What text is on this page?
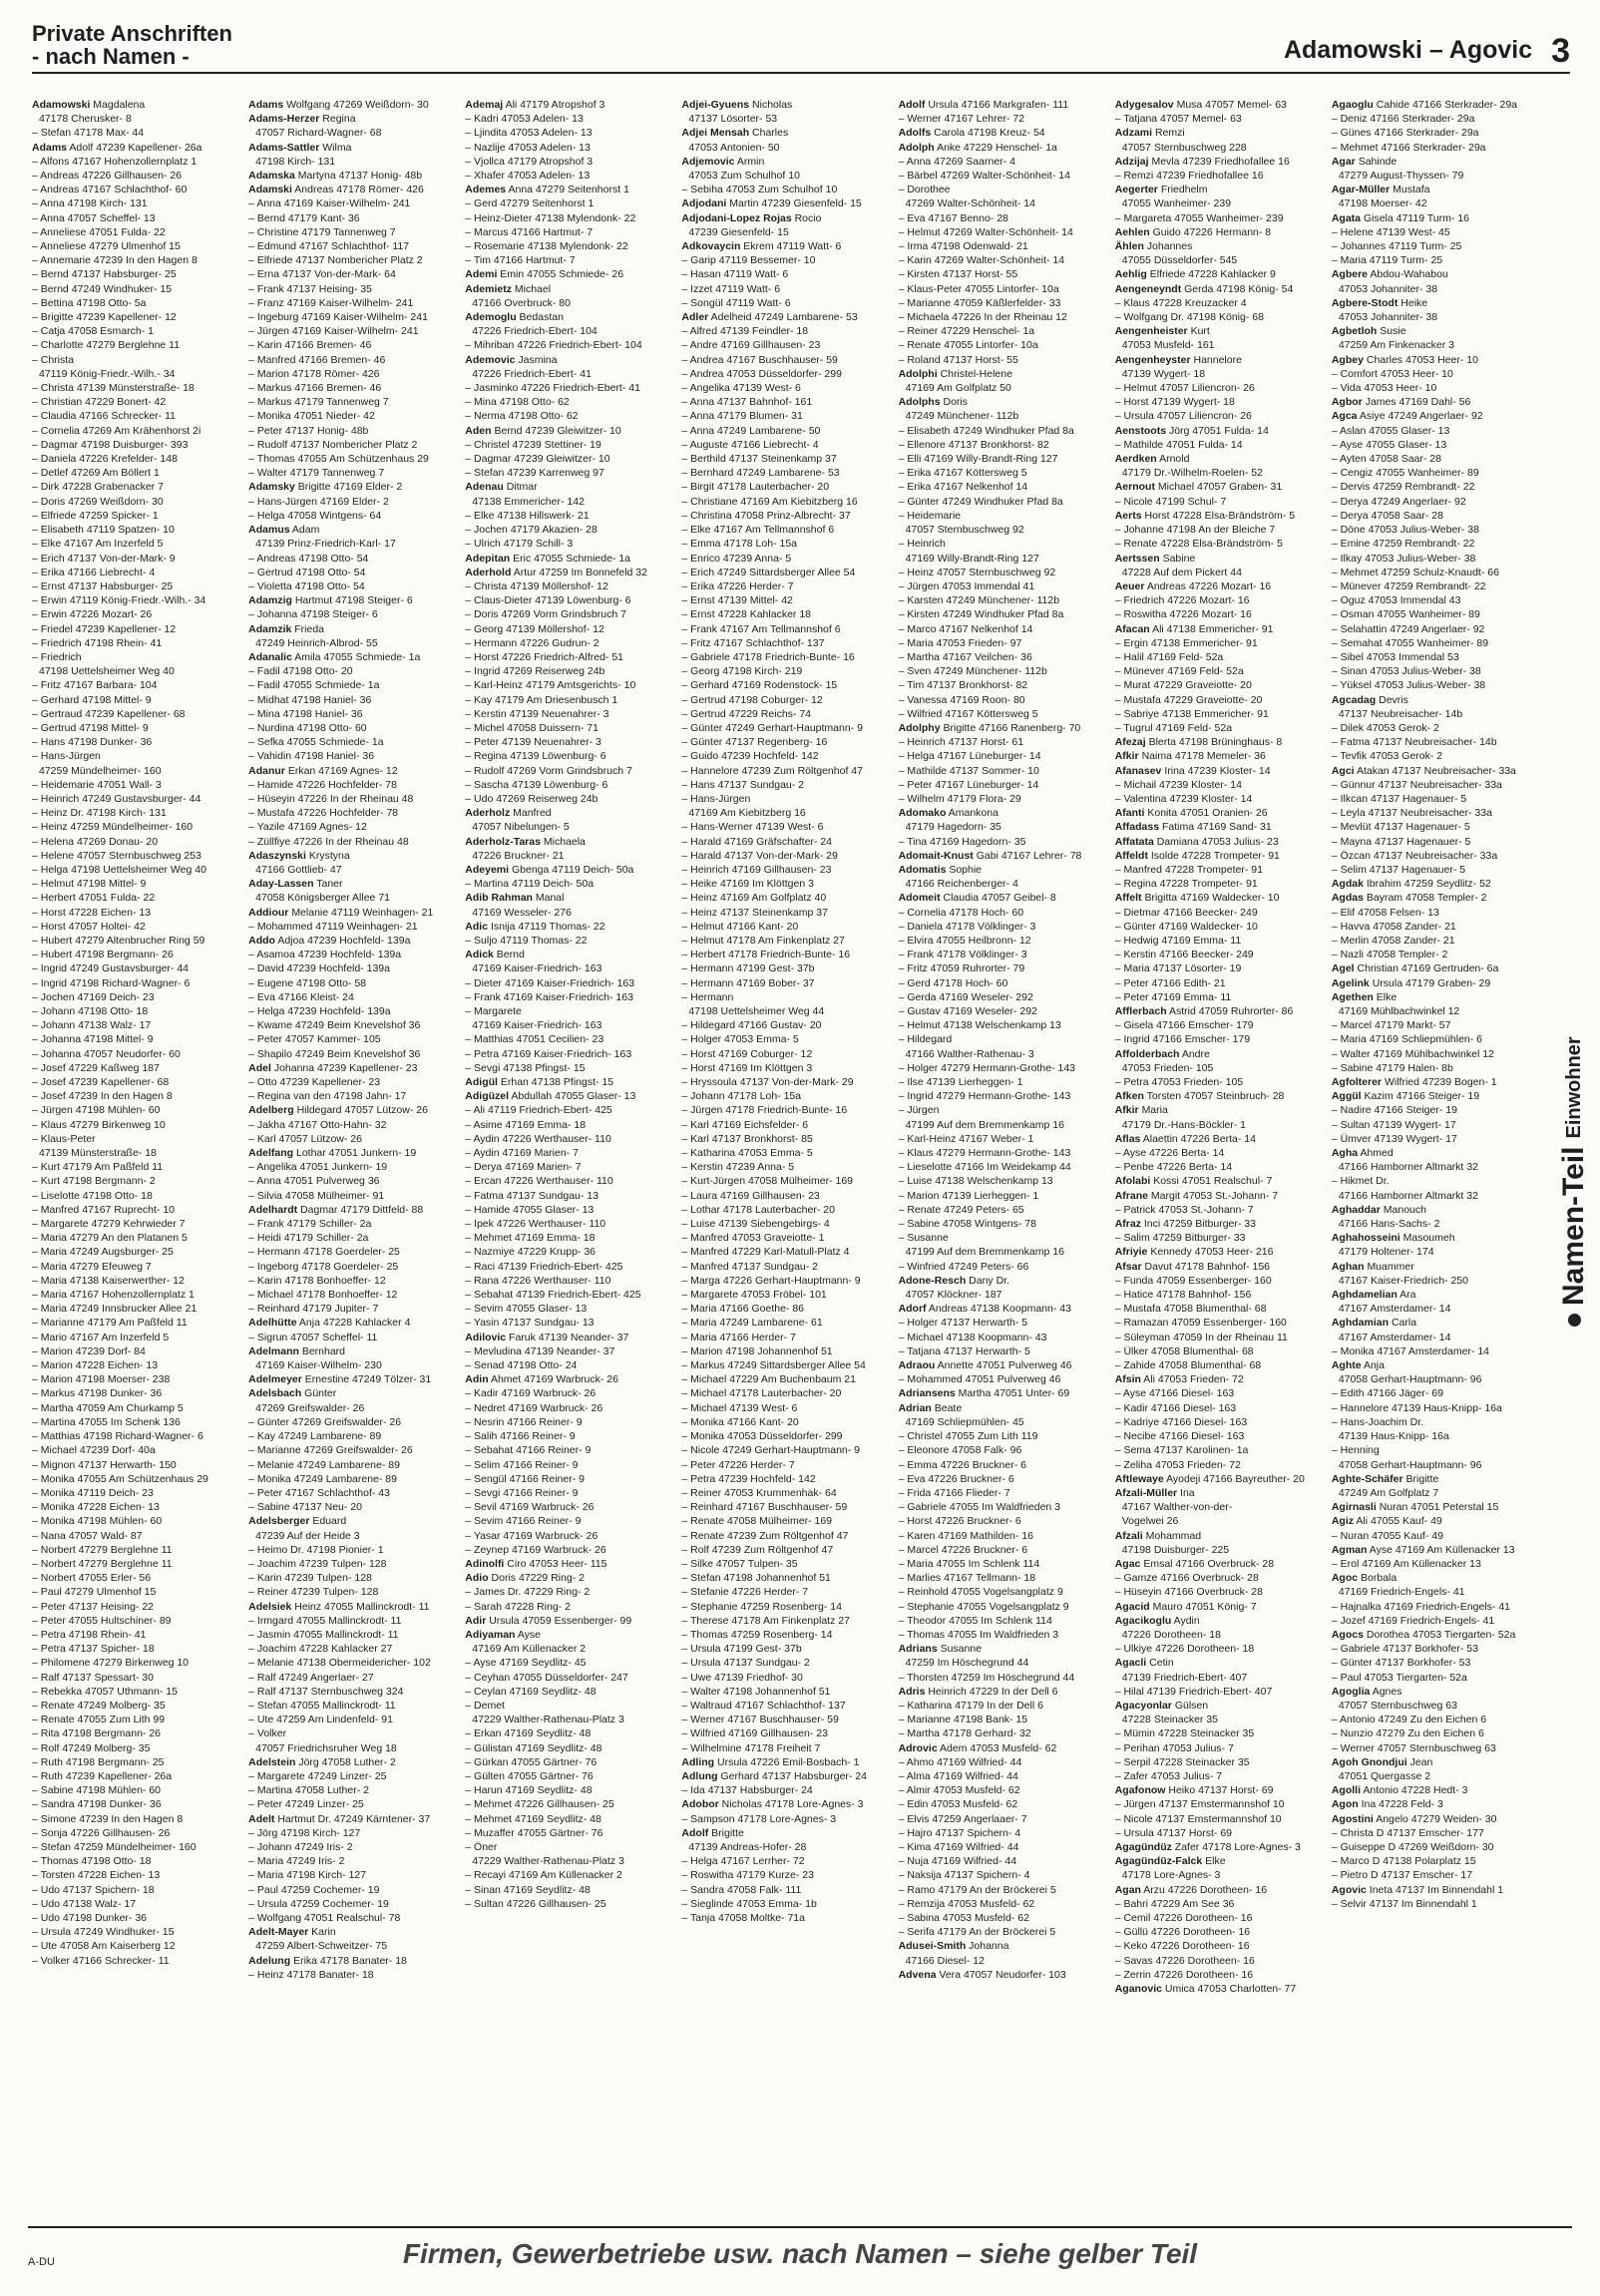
Private Anschriften
- nach Namen -	Adamowski – Agovic 3
Adamowski Magdalena
47178 Cherusker- 8
– Stefan 47178 Max- 44
Adams Adolf 47239 Kapellener- 26a
– Alfons 47167 Hohenzollernplatz 1
– Andreas 47226 Gillhausen- 26
– Andreas 47167 Schlachthof- 60
– Anna 47198 Kirch- 131
– Anna 47057 Scheffel- 13
– Anneliese 47051 Fulda- 22
– Anneliese 47279 Ulmenhof 15
– Annemarie 47239 In den Hagen 8
– Bernd 47137 Habsburger- 25
– Bernd 47249 Windhuker- 15
– Bettina 47198 Otto- 5a
– Brigitte 47239 Kapellener- 12
– Catja 47058 Esmarch- 1
– Charlotte 47279 Berglehne 11
– Christa
47119 König-Friedr.-Wilh.- 34
– Christa 47139 Münsterstraße- 18
– Christian 47229 Bonert- 42
– Claudia 47166 Schrecker- 11
– Cornelia 47269 Am Krähenhorst 2i
– Dagmar 47198 Duisburger- 393
– Daniela 47226 Krefelder- 148
– Detlef 47269 Am Böllert 1
– Dirk 47228 Grabenacker 7
– Doris 47269 Weißdorn- 30
– Elfriede 47259 Spicker- 1
– Elisabeth 47119 Spatzen- 10
– Elke 47167 Am Inzerfeld 5
– Erich 47137 Von-der-Mark- 9
– Erika 47166 Liebrecht- 4
– Ernst 47137 Habsburger- 25
– Erwin 47119 König-Friedr.-Wilh.- 34
– Erwin 47226 Mozart- 26
– Friedel 47239 Kapellener- 12
– Friedrich 47198 Rhein- 41
– Friedrich
47198 Uettelsheimer Weg 40
– Fritz 47167 Barbara- 104
– Gerhard 47198 Mittel- 9
– Gertraud 47239 Kapellener- 68
– Gertrud 47198 Mittel- 9
– Hans 47198 Dunker- 36
– Hans-Jürgen
47259 Mündelheimer- 160
– Heidemarie 47051 Wall- 3
– Heinrich 47249 Gustavsburger- 44
– Heinz Dr. 47198 Kirch- 131
– Heinz 47259 Mündelheimer- 160
– Helena 47269 Donau- 20
– Helene 47057 Sternbuschweg 253
– Helga 47198 Uettelsheimer Weg 40
– Helmut 47198 Mittel- 9
– Herbert 47051 Fulda- 22
– Horst 47228 Eichen- 13
– Horst 47057 Holtei- 42
– Hubert 47279 Altenbrucher Ring 59
– Hubert 47198 Bergmann- 26
– Ingrid 47249 Gustavsburger- 44
– Ingrid 47198 Richard-Wagner- 6
– Jochen 47169 Deich- 23
– Johann 47198 Otto- 18
– Johann 47138 Walz- 17
– Johanna 47198 Mittel- 9
– Johanna 47057 Neudorfer- 60
– Josef 47229 Kaßweg 187
– Josef 47239 Kapellener- 68
– Josef 47239 In den Hagen 8
– Jürgen 47198 Mühlen- 60
– Klaus 47279 Birkenweg 10
– Klaus-Peter
47139 Münsterstraße- 18
– Kurt 47179 Am Paßfeld 11
– Kurt 47198 Bergmann- 2
– Liselotte 47198 Otto- 18
– Manfred 47167 Ruprecht- 10
– Margarete 47279 Kehrwieder 7
– Maria 47279 An den Platanen 5
– Maria 47249 Augsburger- 25
– Maria 47279 Efeuweg 7
– Maria 47138 Kaiserwerther- 12
– Maria 47167 Hohenzollernplatz 1
– Maria 47249 Innsbrucker Allee 21
– Marianne 47179 Am Paßfeld 11
– Mario 47167 Am Inzerfeld 5
– Marion 47239 Dorf- 84
– Marion 47228 Eichen- 13
– Marion 47198 Moerser- 238
– Markus 47198 Dunker- 36
– Martha 47059 Am Churkamp 5
– Martina 47055 Im Schenk 136
– Matthias 47198 Richard-Wagner- 6
– Michael 47239 Dorf- 40a
– Mignon 47137 Herwarth- 150
– Monika 47055 Am Schützenhaus 29
– Monika 47119 Deich- 23
– Monika 47228 Eichen- 13
– Monika 47198 Mühlen- 60
– Nana 47057 Wald- 87
– Norbert 47279 Berglehne 11
– Norbert 47279 Berglehne 11
– Norbert 47055 Erler- 56
– Paul 47279 Ulmenhof 15
– Peter 47137 Heising- 22
– Peter 47055 Hultschiner- 89
– Petra 47198 Rhein- 41
– Petra 47137 Spicher- 18
– Philomene 47279 Birkenweg 10
– Ralf 47137 Spessart- 30
– Rebekka 47057 Uthmann- 15
– Renate 47249 Molberg- 35
– Renate 47055 Zum Lith 99
– Rita 47198 Bergmann- 26
– Rolf 47249 Molberg- 35
– Ruth 47198 Bergmann- 25
– Ruth 47239 Kapellener- 26a
– Sabine 47198 Mühlen- 60
– Sandra 47198 Dunker- 36
– Simone 47239 In den Hagen 8
– Sonja 47226 Gillhausen- 26
– Stefan 47259 Mündelheimer- 160
– Thomas 47198 Otto- 18
– Torsten 47228 Eichen- 13
– Udo 47137 Spichern- 18
– Udo 47138 Walz- 17
– Udo 47198 Dunker- 36
– Ursula 47249 Windhuker- 15
– Ute 47058 Am Kaiserberg 12
– Volker 47166 Schrecker- 11
Adams Wolfgang 47269 Weißdorn- 30
Adams-Herzer Regina
47057 Richard-Wagner- 68
Adams-Sattler Wilma
47198 Kirch- 131
Adamska Martyna 47137 Honig- 48b
Adamski Andreas 47178 Römer- 426
– Anna 47169 Kaiser-Wilhelm- 241
– Bernd 47179 Kant- 36
– Christine 47179 Tannenweg 7
– Edmund 47167 Schlachthof- 117
– Elfriede 47137 Nombericher Platz 2
– Erna 47137 Von-der-Mark- 64
– Frank 47137 Heising- 35
– Franz 47169 Kaiser-Wilhelm- 241
– Ingeburg 47169 Kaiser-Wilhelm- 241
– Jürgen 47169 Kaiser-Wilhelm- 241
– Karin 47166 Bremen- 46
– Manfred 47166 Bremen- 46
– Marion 47178 Römer- 426
– Markus 47166 Bremen- 46
– Markus 47179 Tannenweg 7
– Monika 47051 Nieder- 42
– Peter 47137 Honig- 48b
– Rudolf 47137 Nombericher Platz 2
– Thomas 47055 Am Schützenhaus 29
– Walter 47179 Tannenweg 7
Adamsky Brigitte 47169 Elder- 2
– Hans-Jürgen 47169 Elder- 2
– Helga 47058 Wintgens- 64
Adamus Adam
47139 Prinz-Friedrich-Karl- 17
– Andreas 47198 Otto- 54
– Gertrud 47198 Otto- 54
– Violetta 47198 Otto- 54
Adamzig Hartmut 47198 Steiger- 6
– Johanna 47198 Steiger- 6
Adamzik Frieda
47249 Heinrich-Albrod- 55
Adanalic Amila 47055 Schmiede- 1a
– Fadil 47198 Otto- 20
– Fadil 47055 Schmiede- 1a
– Midhat 47198 Haniel- 36
– Mina 47198 Haniel- 36
– Nurdina 47198 Otto- 60
– Sefka 47055 Schmiede- 1a
– Vahidin 47198 Haniel- 36
Adanur Erkan 47169 Agnes- 12
– Hamide 47226 Hochfelder- 78
– Hüseyin 47226 In der Rheinau 48
– Mustafa 47226 Hochfelder- 78
– Yazile 47169 Agnes- 12
– Züllfiye 47226 In der Rheinau 48
Adaszynski Krystyna
47166 Gottlieb- 47
Aday-Lassen Taner
47058 Königsberger Allee 71
Addiour Melanie 47119 Weinhagen- 21
– Mohammed 47119 Weinhagen- 21
Addo Adjoa 47239 Hochfeld- 139a
– Asamoa 47239 Hochfeld- 139a
– David 47239 Hochfeld- 139a
– Eugene 47198 Otto- 58
– Eva 47166 Kleist- 24
– Helga 47239 Hochfeld- 139a
– Kwame 47249 Beim Knevelshof 36
– Peter 47057 Kammer- 105
– Shapilo 47249 Beim Knevelshof 36
Adel Johanna 47239 Kapellener- 23
– Otto 47239 Kapellener- 23
– Regina van den 47198 Jahn- 17
Adelberg Hildegard 47057 Lützow- 26
– Jakha 47167 Otto-Hahn- 32
– Karl 47057 Lützow- 26
Adelfang Lothar 47051 Junkern- 19
– Angelika 47051 Junkern- 19
– Anna 47051 Pulverweg 36
– Silvia 47058 Mülheimer- 91
Adelhardt Dagmar 47179 Dittfeld- 88
– Frank 47179 Schiller- 2a
– Heidi 47179 Schiller- 2a
– Hermann 47178 Goerdeler- 25
– Ingeborg 47178 Goerdeler- 25
– Karin 47178 Bonhoeffer- 12
– Michael 47178 Bonhoeffer- 12
– Reinhard 47179 Jupiter- 7
Adelhütte Anja 47228 Kahlacker 4
– Sigrun 47057 Scheffel- 11
Adelmann Bernhard
47169 Kaiser-Wilhelm- 230
Adelmeyer Ernestine 47249 Tölzer- 31
Adelsbach Günter
47269 Greifswalder- 26
– Günter 47269 Greifswalder- 26
– Kay 47249 Lambarene- 89
– Marianne 47269 Greifswalder- 26
– Melanie 47249 Lambarene- 89
– Monika 47249 Lambarene- 89
– Peter 47167 Schlachthof- 43
– Sabine 47137 Neu- 20
Adelsberger Eduard
47239 Auf der Heide 3
– Heimo Dr. 47198 Pionier- 1
– Joachim 47239 Tulpen- 128
– Karin 47239 Tulpen- 128
– Reiner 47239 Tulpen- 128
Adelsiek Heinz 47055 Mallinckrodt- 11
– Irmgard 47055 Mallinckrodt- 11
– Jasmin 47055 Mallinckrodt- 11
– Joachim 47228 Kahlacker 27
– Melanie 47138 Obermeidericher- 102
– Ralf 47249 Angerlaer- 27
– Ralf 47137 Sternbuschweg 324
– Stefan 47055 Mallinckrodt- 11
– Ute 47259 Am Lindenfeld- 91
– Volker
47057 Friedrichsruher Weg 18
Adelstein Jörg 47058 Luther- 2
– Margarete 47249 Linzer- 25
– Martina 47058 Luther- 2
– Peter 47249 Linzer- 25
Adelt Hartmut Dr. 47249 Kärntener- 37
– Jörg 47198 Kirch- 127
– Johann 47249 Iris- 2
– Maria 47249 Iris- 2
– Maria 47198 Kirch- 127
– Paul 47259 Cochemer- 19
– Ursula 47259 Cochemer- 19
– Wolfgang 47051 Realschul- 78
Adelt-Mayer Karin
47259 Albert-Schweitzer- 75
Adelung Erika 47178 Banater- 18
– Heinz 47178 Banater- 18
Ademaj Ali 47179 Atropshof 3
– Kadri 47053 Adelen- 13
– Ljindita 47053 Adelen- 13
– Nazlije 47053 Adelen- 13
– Vjollca 47179 Atropshof 3
– Xhafer 47053 Adelen- 13
Ademes Anna 47279 Seitenhorst 1
– Gerd 47279 Seitenhorst 1
– Heinz-Dieter 47138 Mylendonk- 22
– Marcus 47166 Hartmut- 7
– Rosemarie 47138 Mylendonk- 22
– Tim 47166 Hartmut- 7
Ademi Emin 47055 Schmiede- 26
Ademietz Michael
47166 Overbruck- 80
Ademoglu Bedastan
47226 Friedrich-Ebert- 104
– Mihriban 47226 Friedrich-Ebert- 104
Ademovic Jasmina
47226 Friedrich-Ebert- 41
– Jasminko 47226 Friedrich-Ebert- 41
– Mina 47198 Otto- 62
– Nerma 47198 Otto- 62
Aden Bernd 47239 Gleiwitzer- 10
– Christel 47239 Stettiner- 19
– Dagmar 47239 Gleiwitzer- 10
– Stefan 47239 Karrenweg 97
Adenau Ditmar
47138 Emmericher- 142
– Elke 47138 Hillswerk- 21
– Jochen 47179 Akazien- 28
– Ulrich 47179 Schill- 3
Adepitan Eric 47055 Schmiede- 1a
Aderhold Artur 47259 Im Bonnefeld 32
– Christa 47139 Möllershof- 12
– Claus-Dieter 47139 Löwenburg- 6
– Doris 47269 Vorm Grindsbruch 7
– Georg 47139 Möllershof- 12
– Hermann 47226 Gudrun- 2
– Horst 47226 Friedrich-Alfred- 51
– Ingrid 47269 Reiserweg 24b
– Karl-Heinz 47179 Amtsgerichts- 10
– Kay 47179 Am Driesenbusch 1
– Kerstin 47139 Neuenahrer- 3
– Michel 47058 Duissern- 71
– Peter 47139 Neuenahrer- 3
– Regina 47139 Löwenburg- 6
– Rudolf 47269 Vorm Grindsbruch 7
– Sascha 47139 Löwenburg- 6
– Udo 47269 Reiserweg 24b
Aderholz Manfred
47057 Nibelungen- 5
Aderholz-Taras Michaela
47226 Bruckner- 21
Adeyemi Gbenga 47119 Deich- 50a
– Martina 47119 Deich- 50a
Adib Rahman Manal
47169 Wesseler- 276
Adic Isnija 47119 Thomas- 22
– Suljo 47119 Thomas- 22
Adick Bernd
47169 Kaiser-Friedrich- 163
– Dieter 47169 Kaiser-Friedrich- 163
– Frank 47169 Kaiser-Friedrich- 163
– Margarete
47169 Kaiser-Friedrich- 163
– Matthias 47051 Cecilien- 23
– Petra 47169 Kaiser-Friedrich- 163
– Sevgi 47138 Pfingst- 15
Adigül Erhan 47138 Pfingst- 15
Adigüzel Abdullah 47055 Glaser- 13
– Ali 47119 Friedrich-Ebert- 425
– Asime 47169 Emma- 18
– Aydin 47226 Werthauser- 110
– Aydin 47169 Marien- 7
– Derya 47169 Marien- 7
– Ercan 47226 Werthauser- 110
– Fatma 47137 Sundgau- 13
– Hamide 47055 Glaser- 13
– Ipek 47226 Werthauser- 110
– Mehmet 47169 Emma- 18
– Nazmiye 47229 Krupp- 36
– Raci 47139 Friedrich-Ebert- 425
– Rana 47226 Werthauser- 110
– Sebahat 47139 Friedrich-Ebert- 425
– Sevim 47055 Glaser- 13
– Yasin 47137 Sundgau- 13
Adilovic Faruk 47139 Neander- 37
– Mevludina 47139 Neander- 37
– Senad 47198 Otto- 24
Adin Ahmet 47169 Warbruck- 26
– Kadir 47169 Warbruck- 26
– Nedret 47169 Warbruck- 26
– Nesrin 47166 Reiner- 9
– Salih 47166 Reiner- 9
– Sebahat 47166 Reiner- 9
– Selim 47166 Reiner- 9
– Sengül 47166 Reiner- 9
– Sevgi 47166 Reiner- 9
– Sevil 47169 Warbruck- 26
– Sevim 47166 Reiner- 9
– Yasar 47169 Warbruck- 26
– Zeynep 47169 Warbruck- 26
Adinolfi Ciro 47053 Heer- 115
Adio Doris 47229 Ring- 2
– James Dr. 47229 Ring- 2
– Sarah 47228 Ring- 2
Adir Ursula 47059 Essenberger- 99
Adiyaman Ayse
47169 Am Küllenacker 2
– Ayse 47169 Seydlitz- 45
– Ceyhan 47055 Düsseldorfer- 247
– Ceylan 47169 Seydlitz- 48
– Demet
47229 Walther-Rathenau-Platz 3
– Erkan 47169 Seydlitz- 48
– Gülistan 47169 Seydlitz- 48
– Gürkan 47055 Gärtner- 76
– Gülten 47055 Gärtner- 76
– Harun 47169 Seydlitz- 48
– Mehmet 47226 Gillhausen- 25
– Mehmet 47169 Seydlitz- 48
– Muzaffer 47055 Gärtner- 76
– Öner
47229 Walther-Rathenau-Platz 3
– Recayi 47169 Am Küllenacker 2
– Sinan 47169 Seydlitz- 48
– Sultan 47226 Gillhausen- 25
Adjei-Gyuens Nicholas
47137 Lösorter- 53
Adjei Mensah Charles
47053 Antonien- 50
Adjemovic Armin
47053 Zum Schulhof 10
– Sebiha 47053 Zum Schulhof 10
Adjodani Martin 47239 Giesenfeld- 15
Adjodani-Lopez Rojas Rocio
47239 Giesenfeld- 15
Adkovaycin Ekrem 47119 Watt- 6
– Garip 47119 Bessemer- 10
– Hasan 47119 Watt- 6
– Izzet 47119 Watt- 6
– Songül 47119 Watt- 6
Adler Adelheid 47249 Lambarene- 53
– Alfred 47139 Feindler- 18
– Andre 47169 Gillhausen- 23
– Andrea 47167 Buschhauser- 59
– Andrea 47053 Düsseldorfer- 299
– Angelika 47139 West- 6
– Anna 47137 Bahnhof- 161
– Anna 47179 Blumen- 31
– Anna 47249 Lambarene- 50
– Auguste 47166 Liebrecht- 4
– Berthild 47137 Steinenkamp 37
– Bernhard 47249 Lambarene- 53
– Birgit 47178 Lauterbacher- 20
– Christiane 47169 Am Kiebitzberg 16
– Christina 47058 Prinz-Albrecht- 37
– Elke 47167 Am Tellmannshof 6
– Emma 47178 Loh- 15a
– Enrico 47239 Anna- 5
– Erich 47249 Sittardsberger Allee 54
– Erika 47226 Herder- 7
– Ernst 47139 Mittel- 42
– Ernst 47228 Kahlacker 18
– Frank 47167 Am Tellmannshof 6
– Fritz 47167 Schlachthof- 137
– Gabriele 47178 Friedrich-Bunte- 16
– Georg 47198 Kirch- 219
– Gerhard 47169 Rodenstock- 15
– Gertrud 47198 Coburger- 12
– Gertrud 47229 Reichs- 74
– Günter 47249 Gerhart-Hauptmann- 9
– Günter 47137 Regenberg- 16
– Guido 47239 Hochfeld- 142
– Hannelore 47239 Zum Röltgenhof 47
– Hans 47137 Sundgau- 2
– Hans-Jürgen
47169 Am Kiebitzberg 16
– Hans-Werner 47139 West- 6
– Harald 47169 Gräfschafter- 24
– Harald 47137 Von-der-Mark- 29
– Heinrich 47169 Gillhausen- 23
– Heike 47169 Im Klöttgen 3
– Heinz 47169 Am Golfplatz 40
– Heinz 47137 Steinenkamp 37
– Helmut 47166 Kant- 20
– Helmut 47178 Am Finkenplatz 27
– Herbert 47178 Friedrich-Bunte- 16
– Hermann 47199 Gest- 37b
– Hermann 47169 Bober- 37
– Hermann
47198 Uettelsheimer Weg 44
– Hildegard 47166 Gustav- 20
– Holger 47053 Emma- 5
– Horst 47169 Coburger- 12
– Horst 47169 Im Klöttgen 3
– Hryssoula 47137 Von-der-Mark- 29
– Johann 47178 Loh- 15a
– Jürgen 47178 Friedrich-Bunte- 16
– Karl 47169 Eichsfelder- 6
– Karl 47137 Bronkhorst- 85
– Katharina 47053 Emma- 5
– Kerstin 47239 Anna- 5
– Kurt-Jürgen 47058 Mülheimer- 169
– Laura 47169 Gillhausen- 23
– Lothar 47178 Lauterbacher- 20
– Luise 47139 Siebengebirgs- 4
– Manfred 47053 Graveiotte- 1
– Manfred 47229 Karl-Matull-Platz 4
– Manfred 47137 Sundgau- 2
– Marga 47226 Gerhart-Hauptmann- 9
– Margarete 47053 Fröbel- 101
– Maria 47166 Goethe- 86
– Maria 47249 Lambarene- 61
– Maria 47166 Herder- 7
– Marion 47198 Johannenhof 51
– Markus 47249 Sittardsberger Allee 54
– Michael 47229 Am Buchenbaum 21
– Michael 47178 Lauterbacher- 20
– Michael 47139 West- 6
– Monika 47166 Kant- 20
– Monika 47053 Düsseldorfer- 299
– Nicole 47249 Gerhart-Hauptmann- 9
– Peter 47226 Herder- 7
– Petra 47239 Hochfeld- 142
– Reiner 47053 Krummenhak- 64
– Reinhard 47167 Buschhauser- 59
– Renate 47058 Mülheimer- 169
– Renate 47239 Zum Röltgenhof 47
– Rolf 47239 Zum Röltgenhof 47
– Silke 47057 Tulpen- 35
– Stefan 47198 Johannenhof 51
– Stefanie 47226 Herder- 7
– Stephanie 47259 Rosenberg- 14
– Therese 47178 Am Finkenplatz 27
– Thomas 47259 Rosenberg- 14
– Ursula 47199 Gest- 37b
– Ursula 47137 Sundgau- 2
– Uwe 47139 Friedhof- 30
– Walter 47198 Johannenhof 51
– Waltraud 47167 Schlachthof- 137
– Werner 47167 Buschhauser- 59
– Wilfried 47169 Gillhausen- 23
– Wilhelmine 47178 Freiheit 7
Adling Ursula 47226 Emil-Bosbach- 1
Adlung Gerhard 47137 Habsburger- 24
– Ida 47137 Habsburger- 24
Adobor Nicholas 47178 Lore-Agnes- 3
– Sampson 47178 Lore-Agnes- 3
Adolf Brigitte
47139 Andreas-Hofer- 28
– Helga 47167 Lerrher- 72
– Roswitha 47179 Kurze- 23
– Sandra 47058 Falk- 111
– Sieglinde 47053 Emma- 1b
– Tanja 47058 Moltke- 71a
Adolf Ursula 47166 Markgrafen- 111
– Werner 47167 Lehrer- 72
Adolfs Carola 47198 Kreuz- 54
Adolph Anke 47229 Henschel- 1a
– Anna 47269 Saarner- 4
– Bärbel 47269 Walter-Schönheit- 14
– Dorothee
47269 Walter-Schönheit- 14
– Eva 47167 Benno- 28
– Helmut 47269 Walter-Schönheit- 14
– Irma 47198 Odenwald- 21
– Karin 47269 Walter-Schönheit- 14
– Kirsten 47137 Horst- 55
– Klaus-Peter 47055 Lintorfer- 10a
– Marianne 47059 Käßlerfelder- 33
– Michaela 47226 In der Rheinau 12
– Reiner 47229 Henschel- 1a
– Renate 47055 Lintorfer- 10a
– Roland 47137 Horst- 55
Adolphi Christel-Helene
47169 Am Golfplatz 50
Adolphs Doris
47249 Münchener- 112b
– Elisabeth 47249 Windhuker Pfad 8a
– Ellenore 47137 Bronkhorst- 82
– Elli 47169 Willy-Brandt-Ring 127
– Erika 47167 Köttersweg 5
– Erika 47167 Nelkenhof 14
– Günter 47249 Windhuker Pfad 8a
– Heidemarie
47057 Sternbuschweg 92
– Heinrich
47169 Willy-Brandt-Ring 127
– Heinz 47057 Sternbuschweg 92
– Jürgen 47053 Immendal 41
– Karsten 47249 Münchener- 112b
– Kirsten 47249 Windhuker Pfad 8a
– Marco 47167 Nelkenhof 14
– Maria 47053 Frieden- 97
– Martha 47167 Veilchen- 36
– Sven 47249 Münchener- 112b
– Tim 47137 Bronkhorst- 82
– Vanessa 47169 Roon- 80
– Wilfried 47167 Köttersweg 5
Adolphy Brigitte 47166 Ranenberg- 70
– Heinrich 47137 Horst- 61
– Helga 47167 Lüneburger- 14
– Mathilde 47137 Sommer- 10
– Peter 47167 Lüneburger- 14
– Wilhelm 47179 Flora- 29
Adomako Amankona
47179 Hagedorn- 35
– Tina 47169 Hagedorn- 35
Adomait-Knust Gabi 47167 Lehrer- 78
Adomatis Sophie
47166 Reichenberger- 4
Adomeit Claudia 47057 Geibel- 8
– Cornelia 47178 Hoch- 60
– Daniela 47178 Völklinger- 3
– Elvira 47055 Heilbronn- 12
– Frank 47178 Völklinger- 3
– Fritz 47059 Ruhrorter- 79
– Gerd 47178 Hoch- 60
– Gerda 47169 Weseler- 292
– Gustav 47169 Weseler- 292
– Helmut 47138 Welschenkamp 13
– Hildegard
47166 Walther-Rathenau- 3
– Holger 47279 Hermann-Grothe- 143
– Ilse 47139 Lierheggen- 1
– Ingrid 47279 Hermann-Grothe- 143
– Jürgen
47199 Auf dem Bremmenkamp 16
– Karl-Heinz 47167 Weber- 1
– Klaus 47279 Hermann-Grothe- 143
– Lieselotte 47166 Im Weidekamp 44
– Luise 47138 Welschenkamp 13
– Marion 47139 Lierheggen- 1
– Renate 47249 Peters- 65
– Sabine 47058 Wintgens- 78
– Susanne
47199 Auf dem Bremmenkamp 16
– Winfried 47249 Peters- 66
Adone-Resch Dany Dr.
47057 Klöckner- 187
Adorf Andreas 47138 Koopmann- 43
– Holger 47137 Herwarth- 5
– Michael 47138 Koopmann- 43
– Tatjana 47137 Herwarth- 5
Adraou Annette 47051 Pulverweg 46
– Mohammed 47051 Pulverweg 46
Adriansens Martha 47051 Unter- 69
Adrian Beate
47169 Schliepmühlen- 45
– Christel 47055 Zum Lith 119
– Eleonore 47058 Falk- 96
– Emma 47226 Bruckner- 6
– Eva 47226 Bruckner- 6
– Frida 47166 Flieder- 7
– Gabriele 47055 Im Waldfrieden 3
– Horst 47226 Bruckner- 6
– Karen 47169 Mathilden- 16
– Marcel 47226 Bruckner- 6
– Maria 47055 Im Schlenk 114
– Marlies 47167 Tellmann- 18
– Reinhold 47055 Vogelsangplatz 9
– Stephanie 47055 Vogelsangplatz 9
– Theodor 47055 Im Schlenk 114
– Thomas 47055 Im Waldfrieden 3
Adrians Susanne
47259 Im Höschegrund 44
– Thorsten 47259 Im Höschegrund 44
Adris Heinrich 47229 In der Dell 6
– Katharina 47179 In der Dell 6
– Marianne 47198 Bank- 15
– Martha 47178 Gerhard- 32
Adrovic Adem 47053 Musfeld- 62
– Ahmo 47169 Wilfried- 44
– Alma 47169 Wilfried- 44
– Almir 47053 Musfeld- 62
– Edin 47053 Musfeld- 62
– Elvis 47259 Angerlaaer- 7
– Hajro 47137 Spichern- 4
– Kima 47169 Wilfried- 44
– Nuja 47169 Wilfried- 44
– Naksija 47137 Spichern- 4
– Ramo 47179 An der Bröckerei 5
– Remzija 47053 Musfeld- 62
– Sabina 47053 Musfeld- 62
– Serifa 47179 An der Bröckerei 5
Adusei-Smith Johanna
47166 Diesel- 12
Advena Vera 47057 Neudorfer- 103
Adygesalov Musa 47057 Memel- 63
– Tatjana 47057 Memel- 63
Adzami Remzi
47057 Sternbuschweg 228
Adzijaj Mevla 47239 Friedhofallee 16
– Remzi 47239 Friedhofallee 16
Aegerter Friedhelm
47055 Wanheimer- 239
– Margareta 47055 Wanheimer- 239
Aehlen Guido 47226 Hermann- 8
Ählen Johannes
47055 Düsseldorfer- 545
Aehlig Elfriede 47228 Kahlacker 9
Aengeneyndt Gerda 47198 König- 54
– Klaus 47228 Kreuzacker 4
– Wolfgang Dr. 47198 König- 68
Aengenheister Kurt
47053 Musfeld- 161
Aengenheyster Hannelore
47139 Wygert- 18
– Helmut 47057 Liliencron- 26
– Horst 47139 Wygert- 18
– Ursula 47057 Liliencron- 26
Aenstoots Jörg 47051 Fulda- 14
– Mathilde 47051 Fulda- 14
Aerdken Arnold
47179 Dr.-Wilhelm-Roelen- 52
Aernout Michael 47057 Graben- 31
– Nicole 47199 Schul- 7
Aerts Horst 47228 Elsa-Brändström- 5
– Johanne 47198 An der Bleiche 7
– Renate 47228 Elsa-Brändström- 5
Aertssen Sabine
47228 Auf dem Pickert 44
Aeuer Andreas 47226 Mozart- 16
– Friedrich 47226 Mozart- 16
– Roswitha 47226 Mozart- 16
Afacan Ali 47138 Emmericher- 91
– Ergin 47138 Emmericher- 91
– Halil 47169 Feld- 52a
– Münever 47169 Feld- 52a
– Murat 47229 Graveiotte- 20
– Mustafa 47229 Graveiotte- 20
– Sabriye 47138 Emmericher- 91
– Tugrul 47169 Feld- 52a
Afezaj Blerta 47198 Brüninghaus- 8
Afkir Naima 47178 Memeler- 36
Afanasev Irina 47239 Kloster- 14
– Michail 47239 Kloster- 14
– Valentina 47239 Kloster- 14
Afanti Konita 47051 Oranien- 26
Affadass Fatima 47169 Sand- 31
Affatata Damiana 47053 Julius- 23
Affeldt Isolde 47228 Trompeter- 91
– Manfred 47228 Trompeter- 91
– Regina 47228 Trompeter- 91
Affelt Brigitta 47169 Waldecker- 10
– Dietmar 47166 Beecker- 249
– Günter 47169 Waldecker- 10
– Hedwig 47169 Emma- 11
– Kerstin 47166 Beecker- 249
– Maria 47137 Lösorter- 19
– Peter 47166 Edith- 21
– Peter 47169 Emma- 11
Afflerbach Astrid 47059 Ruhrorter- 86
– Gisela 47166 Emscher- 179
– Ingrid 47166 Emscher- 179
Affolderbach Andre
47053 Frieden- 105
– Petra 47053 Frieden- 105
Afken Torsten 47057 Steinbruch- 28
Afkir Maria
47179 Dr.-Hans-Böckler- 1
Aflas Alaettin 47226 Berta- 14
– Ayse 47226 Berta- 14
– Penbe 47226 Berta- 14
Afolabi Kossi 47051 Realschul- 7
Afrane Margit 47053 St.-Johann- 7
– Patrick 47053 St.-Johann- 7
Afraz Inci 47259 Bitburger- 33
– Salim 47259 Bitburger- 33
Afriyie Kennedy 47053 Heer- 216
Afsar Davut 47178 Bahnhof- 156
– Funda 47059 Essenberger- 160
– Hatice 47178 Bahnhof- 156
– Mustafa 47058 Blumenthal- 68
– Ramazan 47059 Essenberger- 160
– Süleyman 47059 In der Rheinau 11
– Ülker 47058 Blumenthal- 68
– Zahide 47058 Blumenthal- 68
Afsin Ali 47053 Frieden- 72
– Ayse 47166 Diesel- 163
– Kadir 47166 Diesel- 163
– Kadriye 47166 Diesel- 163
– Necibe 47166 Diesel- 163
– Sema 47137 Karolinen- 1a
– Zeliha 47053 Frieden- 72
Aftlewaye Ayodeji 47166 Bayreuther- 20
Afzali-Müller Ina
47167 Walther-von-der-
Vogelwei 26
Afzali Mohammad
47198 Duisburger- 225
Agac Emsal 47166 Overbruck- 28
– Gamze 47166 Overbruck- 28
– Hüseyin 47166 Overbruck- 28
Agacid Mauro 47051 König- 7
Agacikoglu Aydin
47226 Dorotheen- 18
– Ulkiye 47226 Dorotheen- 18
Agacli Cetin
47139 Friedrich-Ebert- 407
– Hilal 47139 Friedrich-Ebert- 407
Agacyonlar Gülsen
47228 Steinacker 35
– Mümin 47228 Steinacker 35
– Perihan 47053 Julius- 7
– Serpil 47228 Steinacker 35
– Zafer 47053 Julius- 7
Agafonow Heiko 47137 Horst- 69
– Jürgen 47137 Emstermannshof 10
– Nicole 47137 Emstermannshof 10
– Ursula 47137 Horst- 69
Agagündüz Zafer 47178 Lore-Agnes- 3
Agagündüz-Falck Elke
47178 Lore-Agnes- 3
Agan Arzu 47226 Dorotheen- 16
– Bahri 47229 Am See 36
– Cemil 47226 Dorotheen- 16
– Güllü 47226 Dorotheen- 16
– Keko 47226 Dorotheen- 16
– Savas 47226 Dorotheen- 16
– Zerrin 47226 Dorotheen- 16
Aganovic Umica 47053 Charlotten- 77
Agaoglu Cahide 47166 Sterkrader- 29a
– Deniz 47166 Sterkrader- 29a
– Günes 47166 Sterkrader- 29a
– Mehmet 47166 Sterkrader- 29a
Agar Sahinde
47279 August-Thyssen- 79
Agar-Müller Mustafa
47198 Moerser- 42
Agata Gisela 47119 Turm- 16
– Helene 47139 West- 45
– Johannes 47119 Turm- 25
– Maria 47119 Turm- 25
Agbere Abdou-Wahabou
47053 Johanniter- 38
Agbere-Stodt Heike
47053 Johanniter- 38
Agbetloh Susie
47259 Am Finkenacker 3
Agbey Charles 47053 Heer- 10
– Comfort 47053 Heer- 10
– Vida 47053 Heer- 10
Agbor James 47169 Dahl- 56
Agca Asiye 47249 Angerlaer- 92
– Aslan 47055 Glaser- 13
– Ayse 47055 Glaser- 13
– Ayten 47058 Saar- 28
– Cengiz 47055 Wanheimer- 89
– Dervis 47259 Rembrandt- 22
– Derya 47249 Angerlaer- 92
– Derya 47058 Saar- 28
– Döne 47053 Julius-Weber- 38
– Emine 47259 Rembrandt- 22
– Ilkay 47053 Julius-Weber- 38
– Mehmet 47259 Schulz-Knaudt- 66
– Münever 47259 Rembrandt- 22
– Oguz 47053 Immendal 43
– Osman 47055 Wanheimer- 89
– Selahattin 47249 Angerlaer- 92
– Semahat 47055 Wanheimer- 89
– Sibel 47053 Immendal 53
– Sinan 47053 Julius-Weber- 38
– Yüksel 47053 Julius-Weber- 38
Agcadag Devris
47137 Neubreisacher- 14b
– Dilek 47053 Gerok- 2
– Fatma 47137 Neubreisacher- 14b
– Tevfik 47053 Gerok- 2
Agci Atakan 47137 Neubreisacher- 33a
– Günnur 47137 Neubreisacher- 33a
– Ilkcan 47137 Hagenauer- 5
– Leyla 47137 Neubreisacher- 33a
– Mevlüt 47137 Hagenauer- 5
– Mayna 47137 Hagenauer- 5
– Özcan 47137 Neubreisacher- 33a
– Selim 47137 Hagenauer- 5
Agdak Ibrahim 47259 Seydlitz- 52
Agdas Bayram 47058 Templer- 2
– Elif 47058 Felsen- 13
– Havva 47058 Zander- 21
– Merlin 47058 Zander- 21
– Nazli 47058 Templer- 2
Agel Christian 47169 Gertruden- 6a
Agelink Ursula 47179 Graben- 29
Agethen Elke
47169 Mühlbachwinkel 12
– Marcel 47179 Markt- 57
– Maria 47169 Schliepmühlen- 6
– Walter 47169 Mühlbachwinkel 12
– Sabine 47179 Halen- 8b
Agfolterer Wilfried 47239 Bogen- 1
Aggül Kazim 47166 Steiger- 19
– Nadire 47166 Steiger- 19
– Sultan 47139 Wygert- 17
– Ümver 47139 Wygert- 17
Agha Ahmed
47166 Hamborner Altmarkt 32
– Hikmet Dr.
47166 Hamborner Altmarkt 32
Aghaddar Manouch
47166 Hans-Sachs- 2
Aghahosseini Masoumeh
47179 Holtener- 174
Aghan Muammer
47167 Kaiser-Friedrich- 250
Aghdamelian Ara
47167 Amsterdamer- 14
Aghdamian Carla
47167 Amsterdamer- 14
– Monika 47167 Amsterdamer- 14
Aghte Anja
47058 Gerhart-Hauptmann- 96
– Edith 47166 Jäger- 69
– Hannelore 47139 Haus-Knipp- 16a
– Hans-Joachim Dr.
47139 Haus-Knipp- 16a
– Henning
47058 Gerhart-Hauptmann- 96
Aghte-Schäfer Brigitte
47249 Am Golfplatz 7
Agirnasli Nuran 47051 Peterstal 15
Agiz Ali 47055 Kauf- 49
– Nuran 47055 Kauf- 49
Agman Ayse 47169 Am Küllenacker 13
– Erol 47169 Am Küllenacker 13
Agoc Borbala
47169 Friedrich-Engels- 41
– Hajnalka 47169 Friedrich-Engels- 41
– Jozef 47169 Friedrich-Engels- 41
Agocs Dorothea 47053 Tiergarten- 52a
– Gabriele 47137 Borkhofer- 53
– Günter 47137 Borkhofer- 53
– Paul 47053 Tiergarten- 52a
Agoglia Agnes
47057 Sternbuschweg 63
– Antonio 47249 Zu den Eichen 6
– Nunzio 47279 Zu den Eichen 6
– Werner 47057 Sternbuschweg 63
Agoh Gnondjui Jean
47051 Quergasse 2
Agolli Antonio 47228 Hedt- 3
Agon Ina 47228 Feld- 3
Agostini Angelo 47279 Weiden- 30
– Christa D 47137 Emscher- 177
– Guiseppe D 47269 Weißdorn- 30
– Marco D 47138 Polarplatz 15
– Pietro D 47137 Emscher- 17
Agovic Ineta 47137 Im Binnendahl 1
– Selvir 47137 Im Binnendahl 1
Namen-Teil
Einwohner
A-DU	Firmen, Gewerbetriebe usw. nach Namen – siehe gelber Teil
